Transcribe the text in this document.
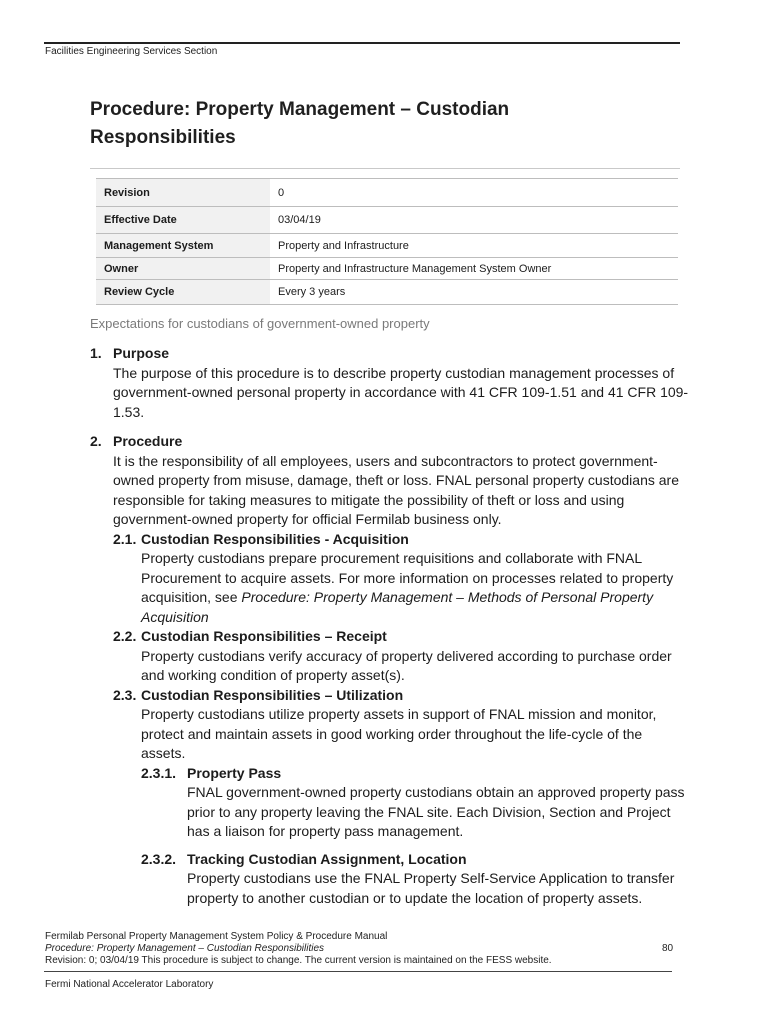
Facilities Engineering Services Section
Procedure: Property Management – Custodian Responsibilities
Revision	0
Effective Date	03/04/19
Management System	Property and Infrastructure
Owner	Property and Infrastructure Management System Owner
Review Cycle	Every 3 years
Expectations for custodians of government-owned property
1. Purpose
The purpose of this procedure is to describe property custodian management processes of government-owned personal property in accordance with 41 CFR 109-1.51 and 41 CFR 109-1.53.
2. Procedure
It is the responsibility of all employees, users and subcontractors to protect government-owned property from misuse, damage, theft or loss. FNAL personal property custodians are responsible for taking measures to mitigate the possibility of theft or loss and using government-owned property for official Fermilab business only.
2.1. Custodian Responsibilities - Acquisition
Property custodians prepare procurement requisitions and collaborate with FNAL Procurement to acquire assets. For more information on processes related to property acquisition, see Procedure: Property Management – Methods of Personal Property Acquisition
2.2. Custodian Responsibilities – Receipt
Property custodians verify accuracy of property delivered according to purchase order and working condition of property asset(s).
2.3. Custodian Responsibilities – Utilization
Property custodians utilize property assets in support of FNAL mission and monitor, protect and maintain assets in good working order throughout the life-cycle of the assets.
2.3.1. Property Pass
FNAL government-owned property custodians obtain an approved property pass prior to any property leaving the FNAL site. Each Division, Section and Project has a liaison for property pass management.
2.3.2. Tracking Custodian Assignment, Location
Property custodians use the FNAL Property Self-Service Application to transfer property to another custodian or to update the location of property assets.
Fermilab Personal Property Management System Policy & Procedure Manual
Procedure: Property Management – Custodian Responsibilities	80
Revision: 0; 03/04/19 This procedure is subject to change. The current version is maintained on the FESS website.
Fermi National Accelerator Laboratory
